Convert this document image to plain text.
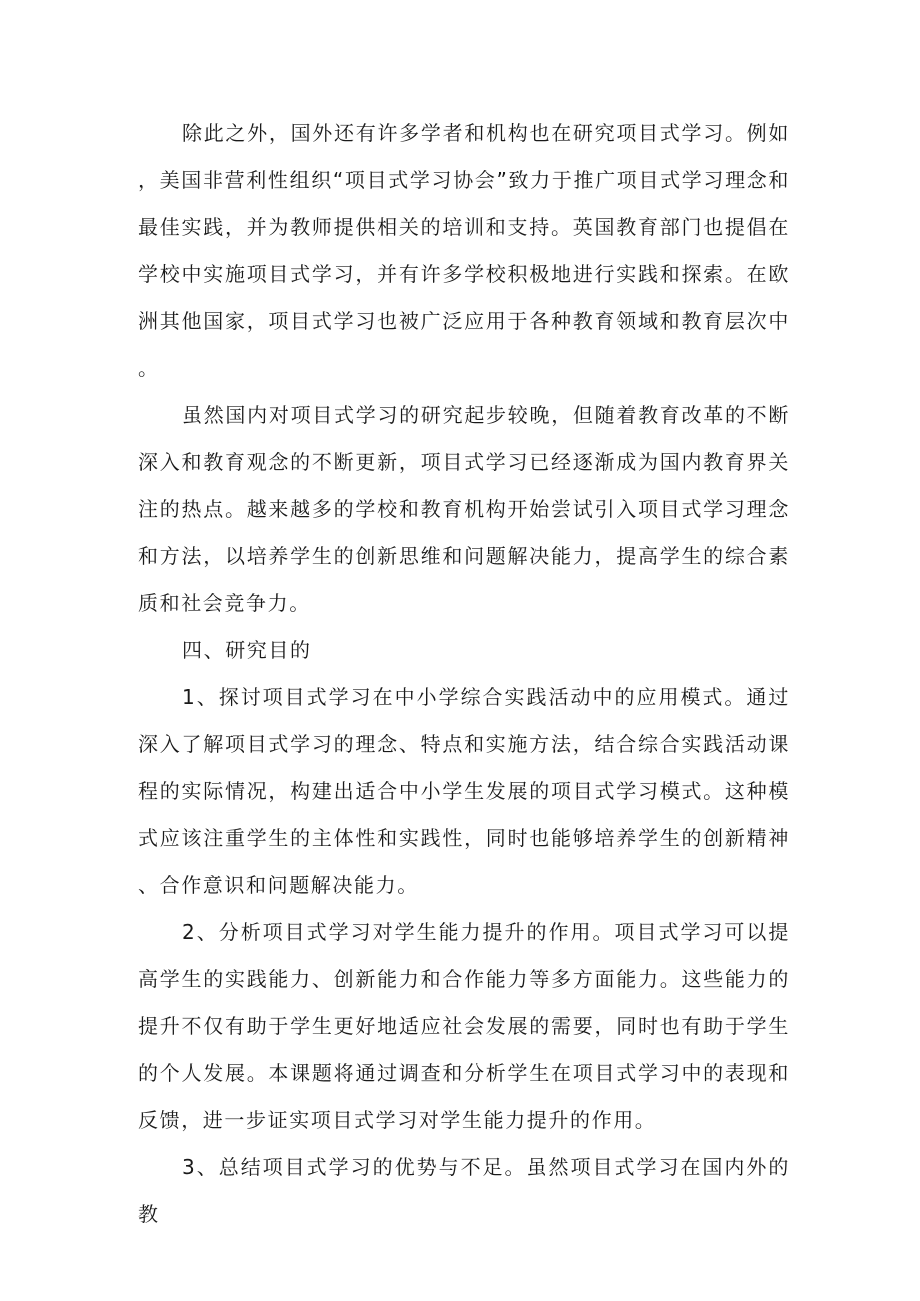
除此之外，国外还有许多学者和机构也在研究项目式学习。例如，美国非营利性组织“项目式学习协会”致力于推广项目式学习理念和最佳实践，并为教师提供相关的培训和支持。英国教育部门也提倡在学校中实施项目式学习，并有许多学校积极地进行实践和探索。在欧洲其他国家，项目式学习也被广泛应用于各种教育领域和教育层次中。

虽然国内对项目式学习的研究起步较晚，但随着教育改革的不断深入和教育观念的不断更新，项目式学习已经逐渐成为国内教育界关注的热点。越来越多的学校和教育机构开始尝试引入项目式学习理念和方法，以培养学生的创新思维和问题解决能力，提高学生的综合素质和社会竞争力。

四、研究目的

1、探讨项目式学习在中小学综合实践活动中的应用模式。通过深入了解项目式学习的理念、特点和实施方法，结合综合实践活动课程的实际情况，构建出适合中小学生发展的项目式学习模式。这种模式应该注重学生的主体性和实践性，同时也能够培养学生的创新精神、合作意识和问题解决能力。

2、分析项目式学习对学生能力提升的作用。项目式学习可以提高学生的实践能力、创新能力和合作能力等多方面能力。这些能力的提升不仅有助于学生更好地适应社会发展的需要，同时也有助于学生的个人发展。本课题将通过调查和分析学生在项目式学习中的表现和反馈，进一步证实项目式学习对学生能力提升的作用。

3、总结项目式学习的优势与不足。虽然项目式学习在国内外的教
